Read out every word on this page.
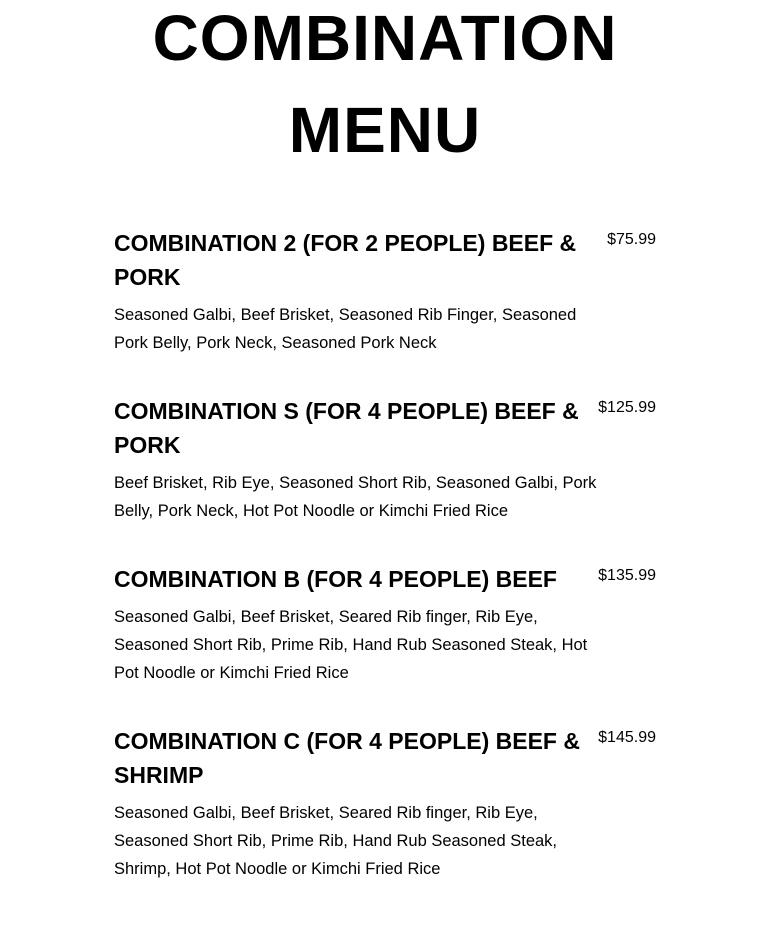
COMBINATION
MENU
COMBINATION 2 (FOR 2 PEOPLE) BEEF & PORK
$75.99

Seasoned Galbi, Beef Brisket, Seasoned Rib Finger, Seasoned Pork Belly, Pork Neck, Seasoned Pork Neck

COMBINATION S (FOR 4 PEOPLE) BEEF & PORK
$125.99

Beef Brisket, Rib Eye, Seasoned Short Rib, Seasoned Galbi, Pork Belly, Pork Neck, Hot Pot Noodle or Kimchi Fried Rice

COMBINATION B (FOR 4 PEOPLE) BEEF	$135.99

Seasoned Galbi, Beef Brisket, Seared Rib finger, Rib Eye, Seasoned Short Rib, Prime Rib, Hand Rub Seasoned Steak, Hot Pot Noodle or Kimchi Fried Rice

COMBINATION C (FOR 4 PEOPLE) BEEF & SHRIMP
$145.99

Seasoned Galbi, Beef Brisket, Seared Rib finger, Rib Eye, Seasoned Short Rib, Prime Rib, Hand Rub Seasoned Steak, Shrimp, Hot Pot Noodle or Kimchi Fried Rice
